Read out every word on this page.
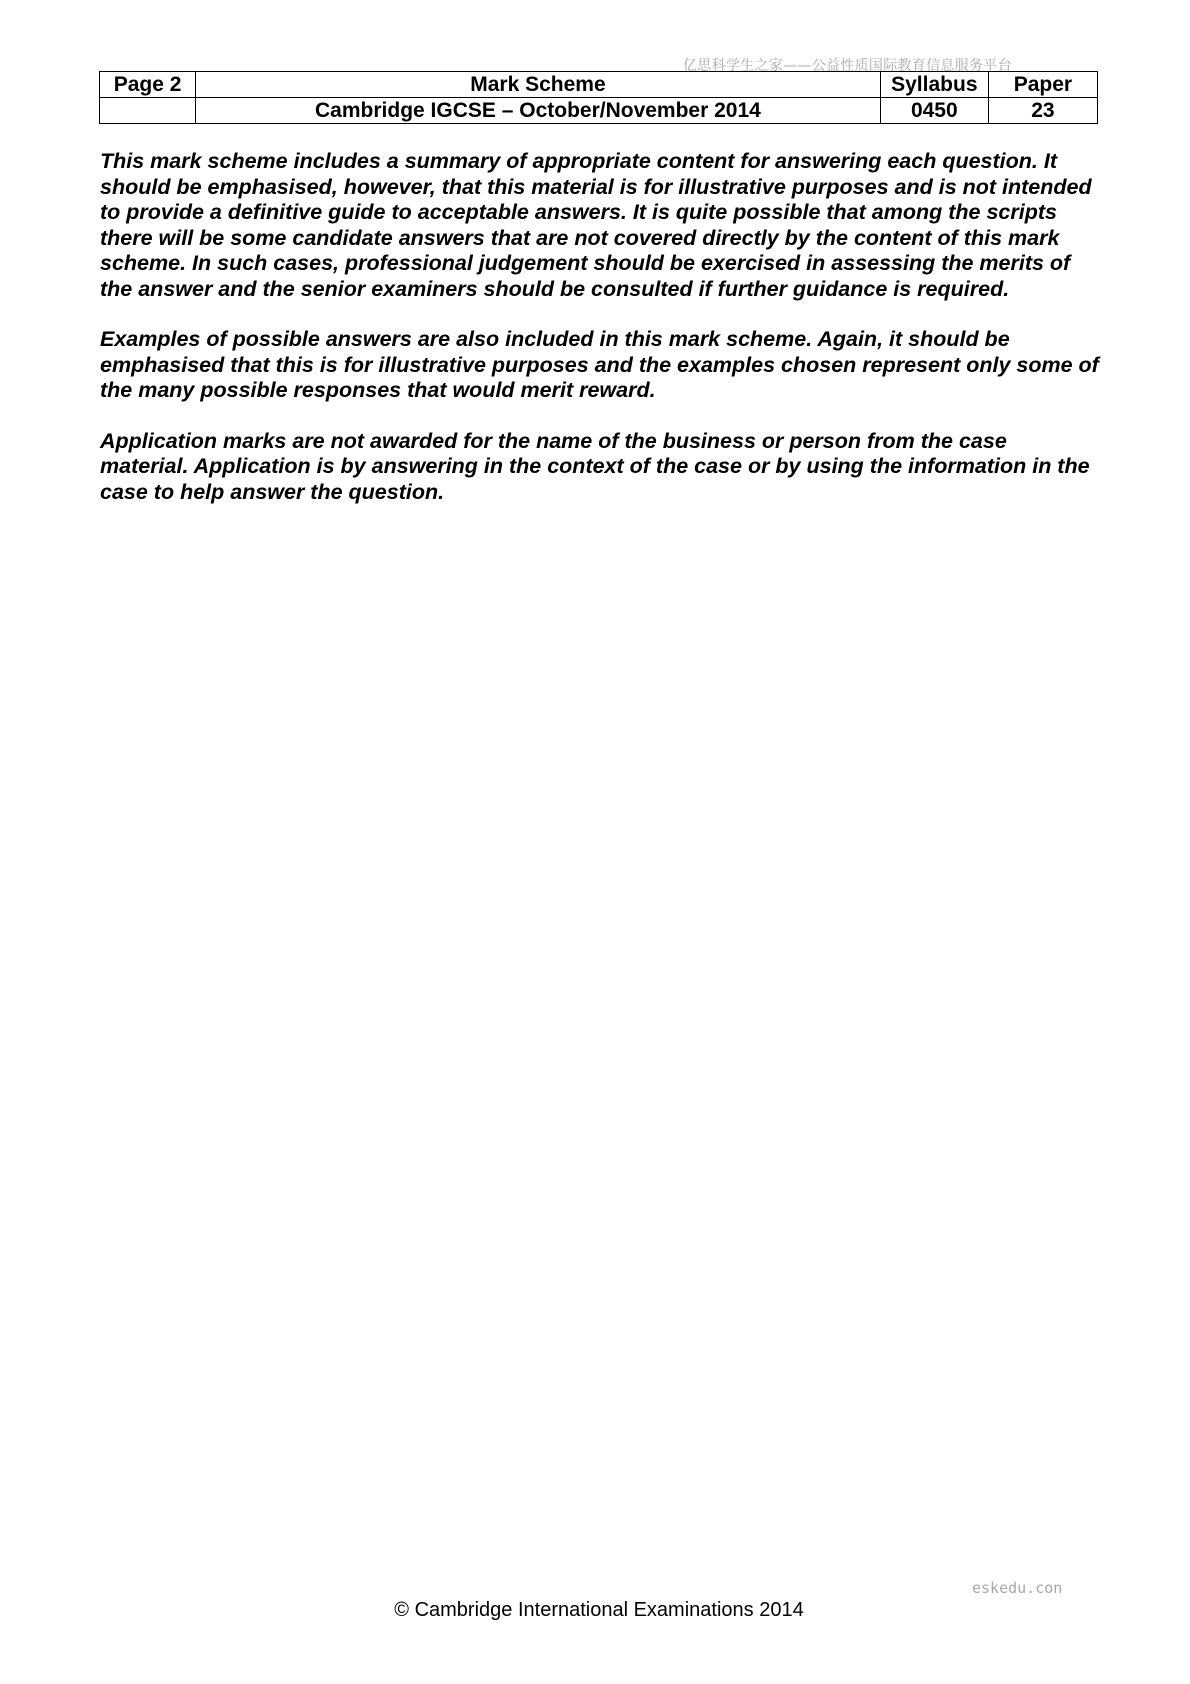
亿思科学生之家——公益性质国际教育信息服务平台
Page 2	Mark Scheme	Syllabus	Paper
	Cambridge IGCSE – October/November 2014	0450	23

This mark scheme includes a summary of appropriate content for answering each question. It should be emphasised, however, that this material is for illustrative purposes and is not intended to provide a definitive guide to acceptable answers. It is quite possible that among the scripts there will be some candidate answers that are not covered directly by the content of this mark scheme. In such cases, professional judgement should be exercised in assessing the merits of the answer and the senior examiners should be consulted if further guidance is required.

Examples of possible answers are also included in this mark scheme. Again, it should be emphasised that this is for illustrative purposes and the examples chosen represent only some of the many possible responses that would merit reward.

Application marks are not awarded for the name of the business or person from the case material. Application is by answering in the context of the case or by using the information in the case to help answer the question.

eskedu.con
© Cambridge International Examinations 2014
